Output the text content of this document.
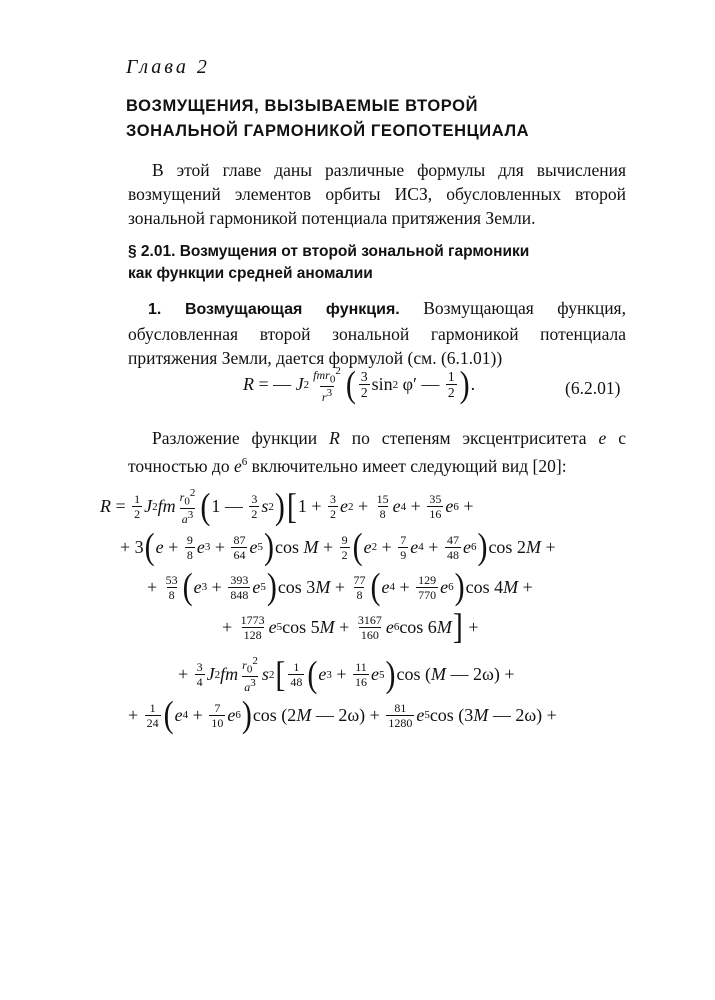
Глава 2
ВОЗМУЩЕНИЯ, ВЫЗЫВАЕМЫЕ ВТОРОЙ
ЗОНАЛЬНОЙ ГАРМОНИКОЙ ГЕОПОТЕНЦИАЛА

В этой главе даны различные формулы для вычисления возмущений элементов орбиты ИСЗ, обусловленных второй зональной гармоникой потенциала притяжения Земли.

§ 2.01. Возмущения от второй зональной гармоники
как функции средней аномалии

1. Возмущающая функция. Возмущающая функция, обусловленная второй зональной гармоникой потенциала притяжения Земли, дается формулой (см. (6.1.01))

R = — J $2 \frac{fmr_0^2}{r^3}$ ( $\frac{3}{2}$ sin 2 φ′ — $\frac{1}{2}$ ) .	(6.2.01)

Разложение функции R по степеням эксцентриситета e с точностью до $e^6$ включительно имеет следующий вид [20]:

$R = \frac{1}{2}$ J 2 fm $\frac{r_0^2}{a^3}$ ( 1 — $\frac{3}{2}$ s 2 ) [ $1 + \frac{3}{2}$ e $2 + \frac{15}{8}$ e $4 + \frac{35}{16}$ e 6 +
+ 3 ( $e + \frac{9}{8}$ e $3 + \frac{87}{64}$ e 5 ) $\cos M + \frac{9}{2}$ ( e $2 + \frac{7}{9}$ e $4 + \frac{47}{48}$ e 6 ) cos 2 M +
+ $\frac{53}{8}$ ( e $3 + \frac{393}{848}$ e 5 ) cos 3 $M + \frac{77}{8}$ ( e $4 + \frac{129}{770}$ e 6 ) cos 4 M +
+ $\frac{1773}{128}$ e 5 cos 5 $M + \frac{3167}{160}$ e 6 cos 6 M ] +
+ $\frac{3}{4}$ J 2 fm $\frac{r_0^2}{a^3}$ s 2 [ $\frac{1}{48}$ ( e $3 + \frac{11}{16}$ e 5 ) cos ( M — 2ω) +
+ $\frac{1}{24}$ ( e $4 + \frac{7}{10}$ e 6 ) cos (2 M — $2\omega) + \frac{81}{1280}$ e 5 cos (3 M — 2ω) +
